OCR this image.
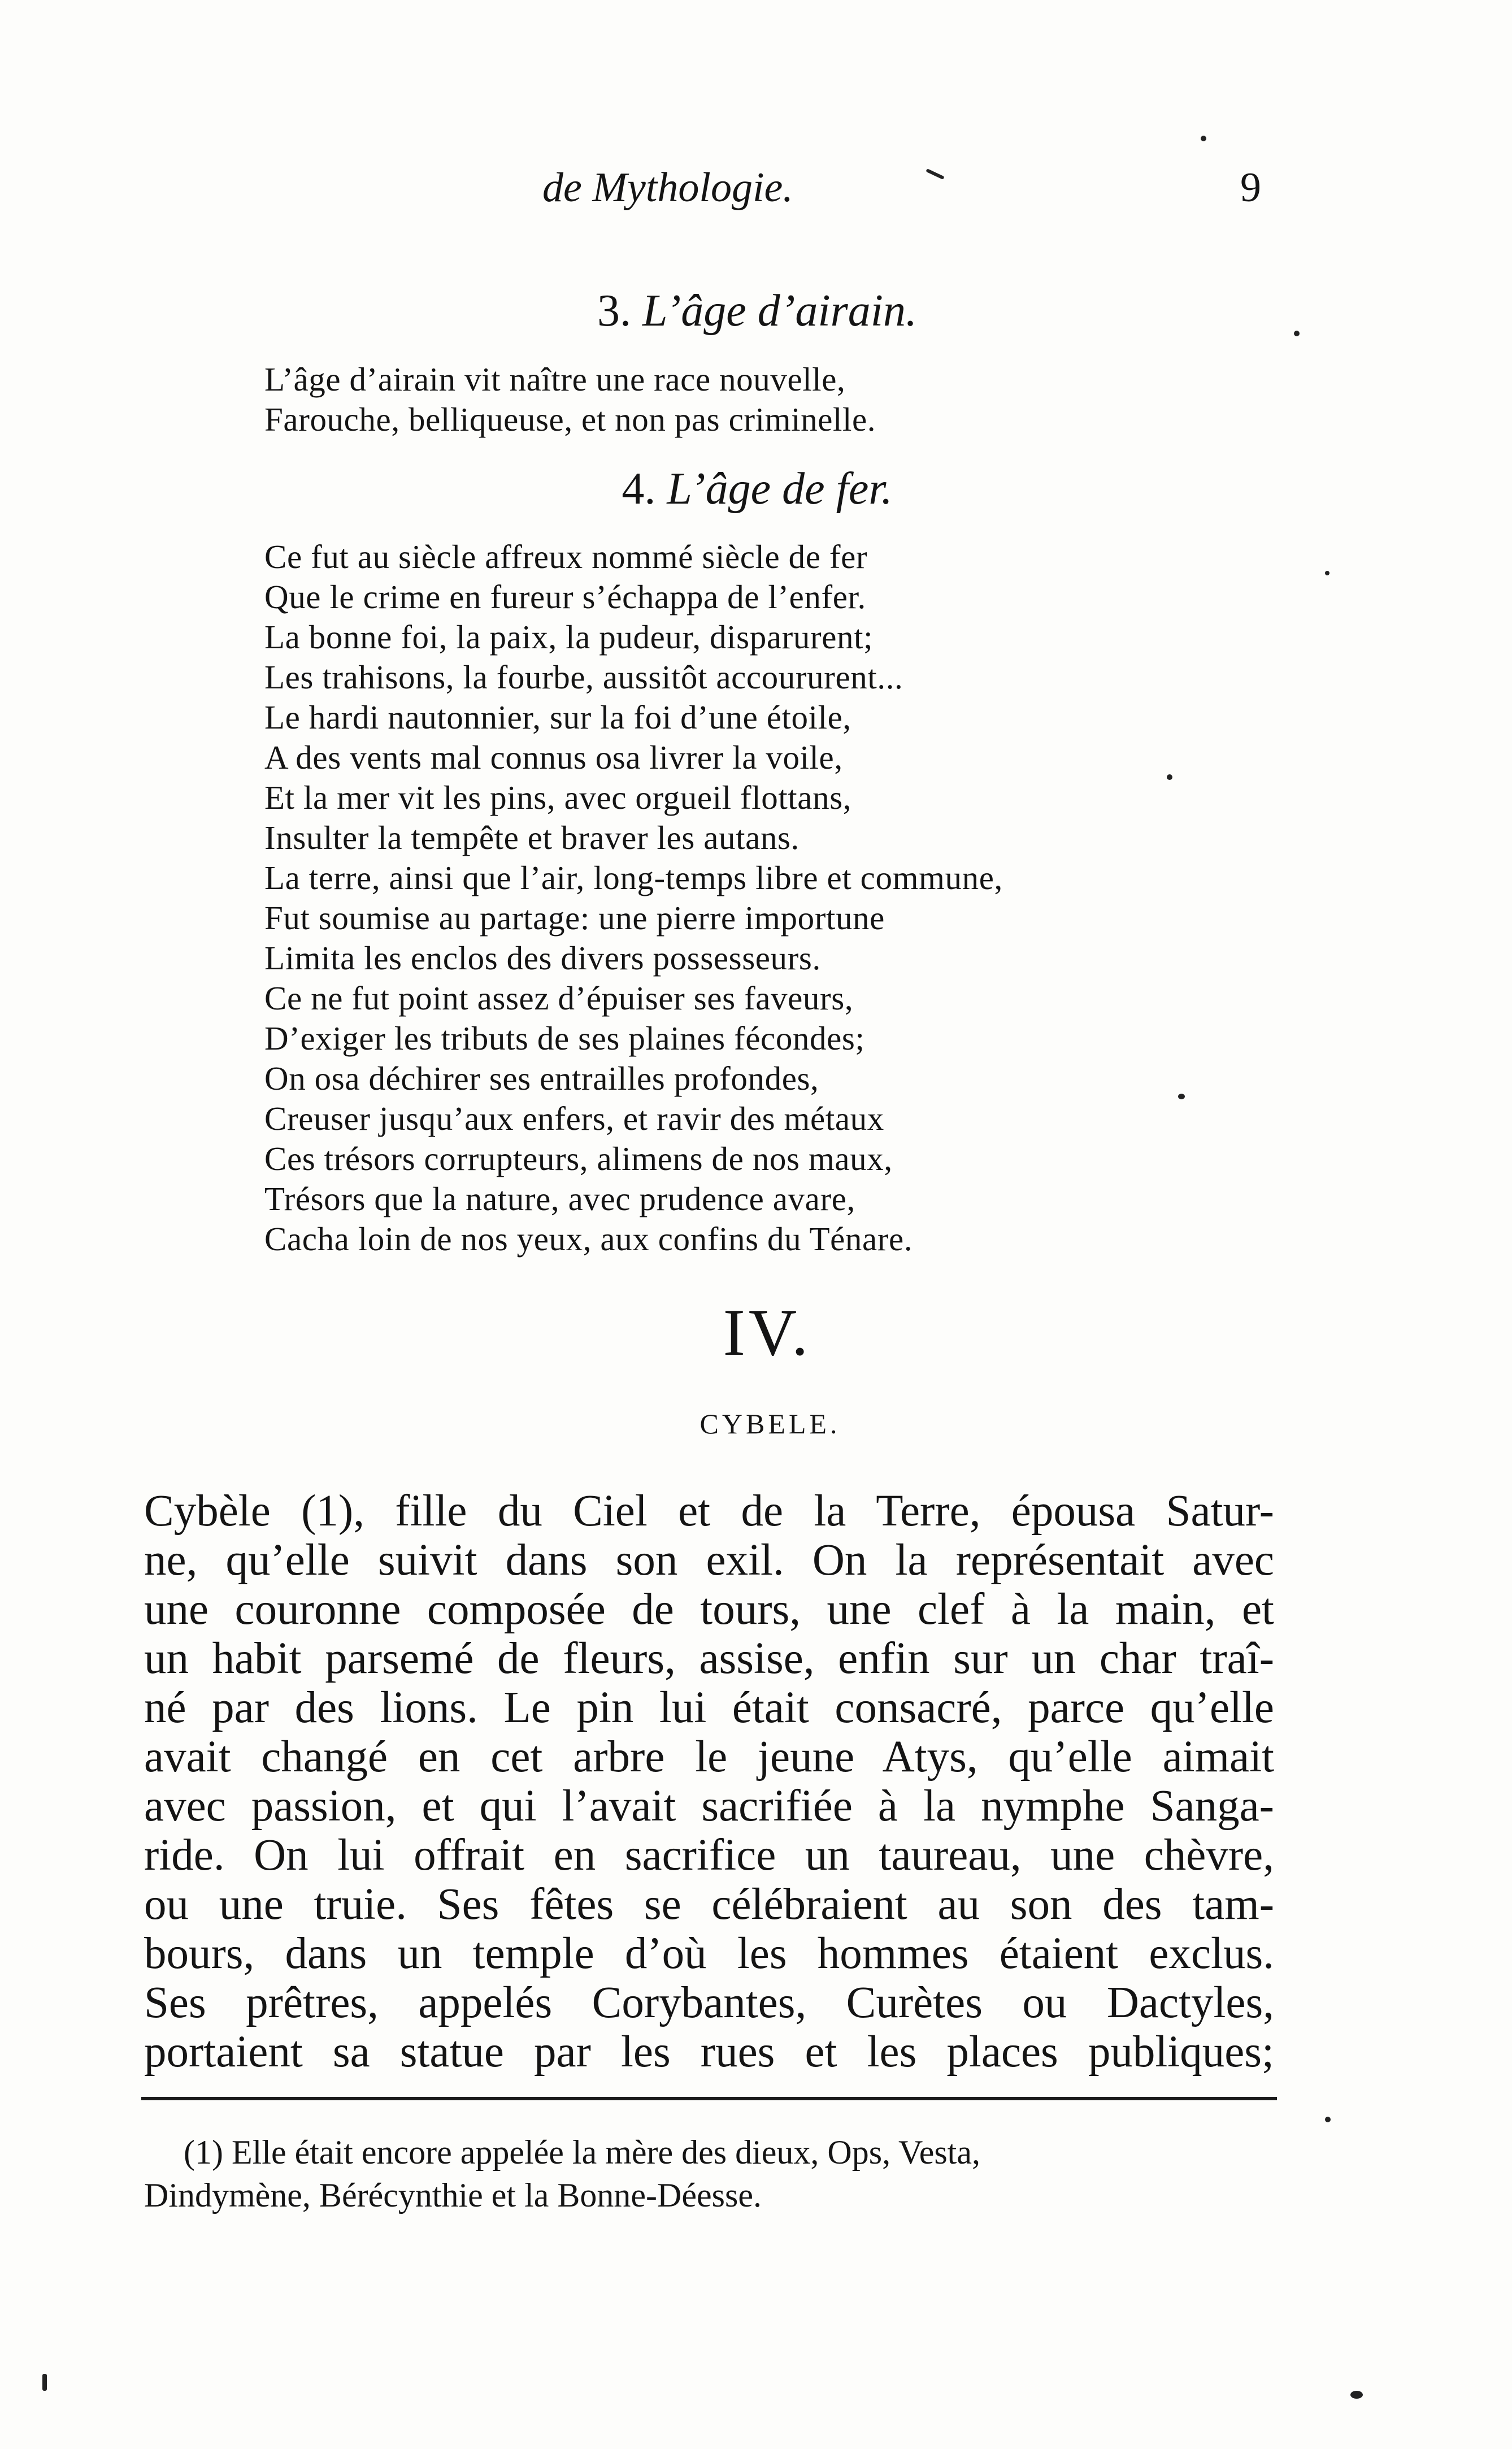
de Mythologie.	9
3. L’âge d’airain.
L’âge d’airain vit naître une race nouvelle,
Farouche, belliqueuse, et non pas criminelle.
4. L’âge de fer.
Ce fut au siècle affreux nommé siècle de fer
Que le crime en fureur s’échappa de l’enfer.
La bonne foi, la paix, la pudeur, disparurent;
Les trahisons, la fourbe, aussitôt accoururent...
Le hardi nautonnier, sur la foi d’une étoile,
A des vents mal connus osa livrer la voile,
Et la mer vit les pins, avec orgueil flottans,
Insulter la tempête et braver les autans.
La terre, ainsi que l’air, long-temps libre et commune,
Fut soumise au partage: une pierre importune
Limita les enclos des divers possesseurs.
Ce ne fut point assez d’épuiser ses faveurs,
D’exiger les tributs de ses plaines fécondes;
On osa déchirer ses entrailles profondes,
Creuser jusqu’aux enfers, et ravir des métaux
Ces trésors corrupteurs, alimens de nos maux,
Trésors que la nature, avec prudence avare,
Cacha loin de nos yeux, aux confins du Ténare.
IV.
CYBELE.
Cybèle (1), fille du Ciel et de la Terre, épousa Satur-
ne, qu’elle suivit dans son exil. On la représentait avec
une couronne composée de tours, une clef à la main, et
un habit parsemé de fleurs, assise, enfin sur un char traî-
né par des lions. Le pin lui était consacré, parce qu’elle
avait changé en cet arbre le jeune Atys, qu’elle aimait
avec passion, et qui l’avait sacrifiée à la nymphe Sanga-
ride. On lui offrait en sacrifice un taureau, une chèvre,
ou une truie. Ses fêtes se célébraient au son des tam-
bours, dans un temple d’où les hommes étaient exclus.
Ses prêtres, appelés Corybantes, Curètes ou Dactyles,
portaient sa statue par les rues et les places publiques;
(1) Elle était encore appelée la mère des dieux, Ops, Vesta,
Dindymène, Bérécynthie et la Bonne-Déesse.
